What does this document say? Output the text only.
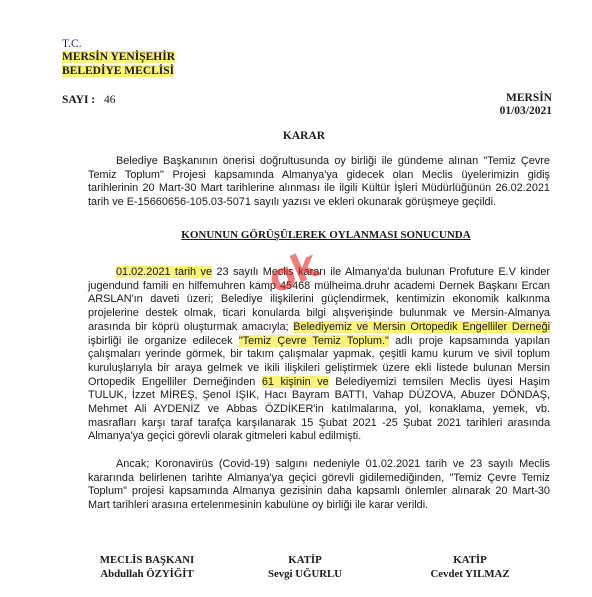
T.C.
MERSİN YENİŞEHİR
BELEDİYE MECLİSİ
SAYI : 46	MERSİN
01/03/2021
KARAR
Belediye Başkanının önerisi doğrultusunda oy birliği ile gündeme alınan "Temiz Çevre Temiz Toplum" Projesi kapsamında Almanya'ya gidecek olan Meclis üyelerimizin gidiş tarihlerinin 20 Mart-30 Mart tarihlerine alınması ile ilgili Kültür İşleri Müdürlüğünün 26.02.2021 tarih ve E-15660656-105.03-5071 sayılı yazısı ve ekleri okunarak görüşmeye geçildi.
KONUNUN GÖRÜŞÜLEREK OYLANMASI SONUCUNDA
01.02.2021 tarih ve 23 sayılı Meclis kararı ile Almanya'da bulunan Profuture E.V kinder jugendund famili en hilfemuhren kamp 45468 mülheima.druhr academi Dernek Başkanı Ercan ARSLAN'ın daveti üzeri; Belediye ilişkilerini güçlendirmek, kentimizin ekonomik kalkınma projelerine destek olmak, ticari konularda bilgi alışverişinde bulunmak ve Mersin-Almanya arasında bir köprü oluşturmak amacıyla; Belediyemiz ve Mersin Ortopedik Engelliler Derneği işbirliği ile organize edilecek "Temiz Çevre Temiz Toplum." adlı proje kapsamında yapılan çalışmaları yerinde görmek, bir takım çalışmalar yapmak, çeşitli kamu kurum ve sivil toplum kuruluşlarıyla bir araya gelmek ve ikili ilişkileri geliştirmek üzere ekli listede bulunan Mersin Ortopedik Engelliler Derneğinden 61 kişinin ve Belediyemizi temsilen Meclis üyesi Haşim TULUK, İzzet MİREŞ, Şenol IŞIK, Hacı Bayram BATTI, Vahap DÜZOVA, Abuzer DÖNDAŞ, Mehmet Ali AYDENİZ ve Abbas ÖZDİKER'in katılmalarına, yol, konaklama, yemek, vb. masrafları karşı taraf tarafça karşılanarak 15 Şubat 2021 -25 Şubat 2021 tarihleri arasında Almanya'ya geçici görevli olarak gitmeleri kabul edilmişti.
Ancak; Koronavirüs (Covid-19) salgını nedeniyle 01.02.2021 tarih ve 23 sayılı Meclis kararında belirlenen tarihte Almanya'ya geçici görevli gidilemediğinden, "Temiz Çevre Temiz Toplum" projesi kapsamında Almanya gezisinin daha kapsamlı önlemler alınarak 20 Mart-30 Mart tarihleri arasına ertelenmesinin kabulüne oy birliği ile karar verildi.
ok
MECLİS BAŞKANI
Abdullah ÖZYİĞİT
KATİP
Sevgi UĞURLU
KATİP
Cevdet YILMAZ
